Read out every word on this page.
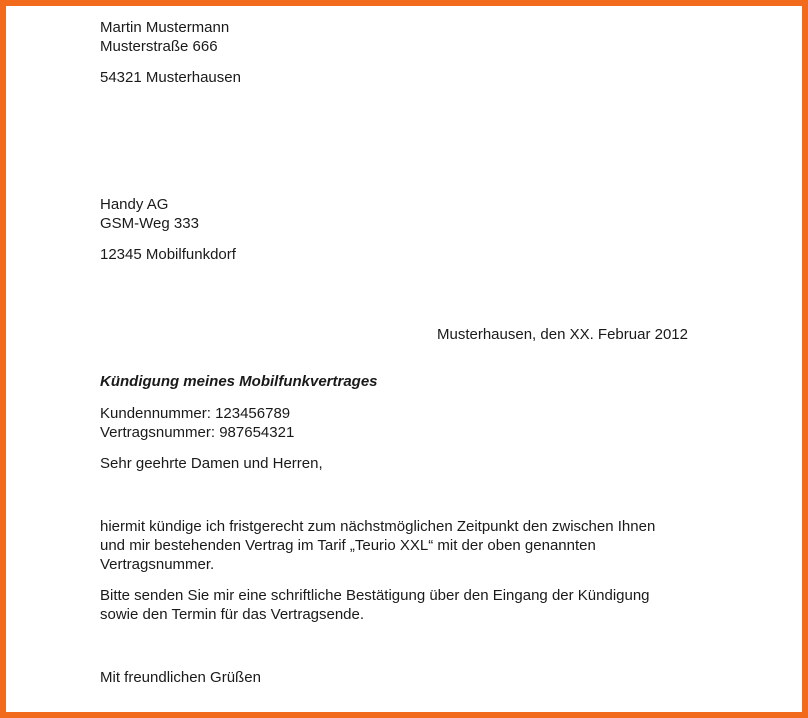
Martin Mustermann

Musterstraße 666

54321 Musterhausen

Handy AG

GSM-Weg 333

12345 Mobilfunkdorf

Musterhausen, den XX. Februar 2012

Kündigung meines Mobilfunkvertrages

Kundennummer: 123456789

Vertragsnummer: 987654321

Sehr geehrte Damen und Herren,

hiermit kündige ich fristgerecht zum nächstmöglichen Zeitpunkt den zwischen Ihnen

und mir bestehenden Vertrag im Tarif „Teurio XXL“ mit der oben genannten

Vertragsnummer.

Bitte senden Sie mir eine schriftliche Bestätigung über den Eingang der Kündigung

sowie den Termin für das Vertragsende.

Mit freundlichen Grüßen
